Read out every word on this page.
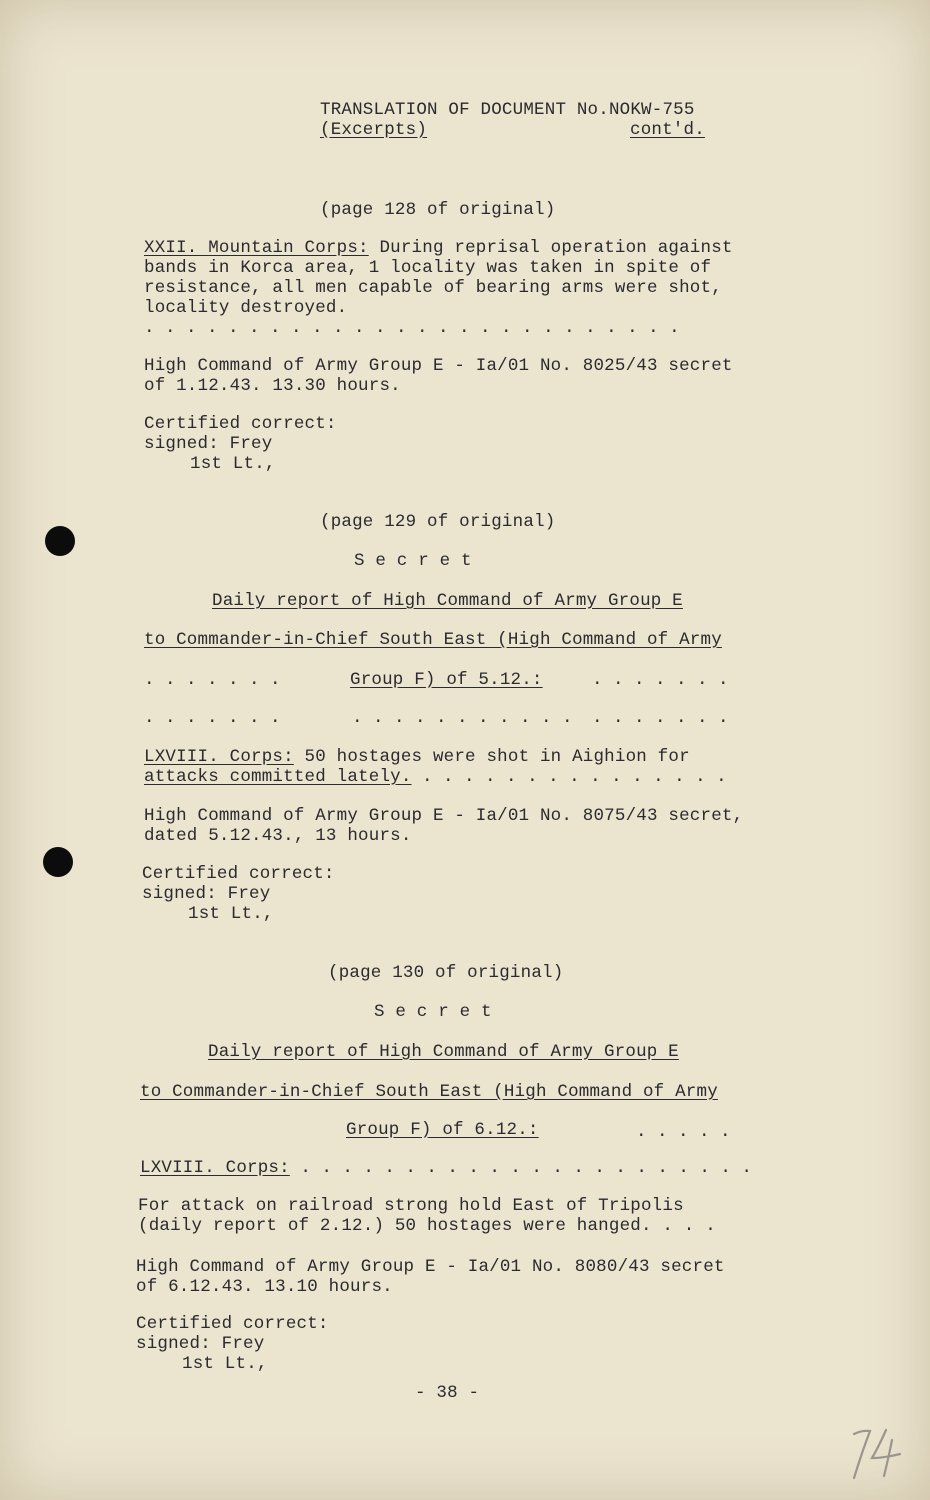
TRANSLATION OF DOCUMENT No.NOKW-755
(Excerpts)	cont'd.
(page 128 of original)
XXII. Mountain Corps: During reprisal operation against
bands in Korca area, 1 locality was taken in spite of
resistance, all men capable of bearing arms were shot,
locality destroyed.
. . . . . . . . . . . . . . . . . . . . . . . . . .
High Command of Army Group E - Ia/01 No. 8025/43 secret
of 1.12.43. 13.30 hours.
Certified correct:
signed: Frey
1st Lt.,
(page 129 of original)
S e c r e t
Daily report of High Command of Army Group E
to Commander-in-Chief South East (High Command of Army
. . . . . . .	Group F) of 5.12.:	. . . . . . .
. . . . . . .	. . . . . . . . . . . . . . . . . .
LXVIII. Corps: 50 hostages were shot in Aighion for
attacks committed lately. . . . . . . . . . . . . . . .
High Command of Army Group E - Ia/01 No. 8075/43 secret,
dated 5.12.43., 13 hours.
Certified correct:
signed: Frey
1st Lt.,
(page 130 of original)
S e c r e t
Daily report of High Command of Army Group E
to Commander-in-Chief South East (High Command of Army
Group F) of 6.12.:	. . . . .
LXVIII. Corps: . . . . . . . . . . . . . . . . . . . . . .
For attack on railroad strong hold East of Tripolis
(daily report of 2.12.) 50 hostages were hanged. . . .
High Command of Army Group E - Ia/01 No. 8080/43 secret
of 6.12.43. 13.10 hours.
Certified correct:
signed: Frey
1st Lt.,
- 38 -
